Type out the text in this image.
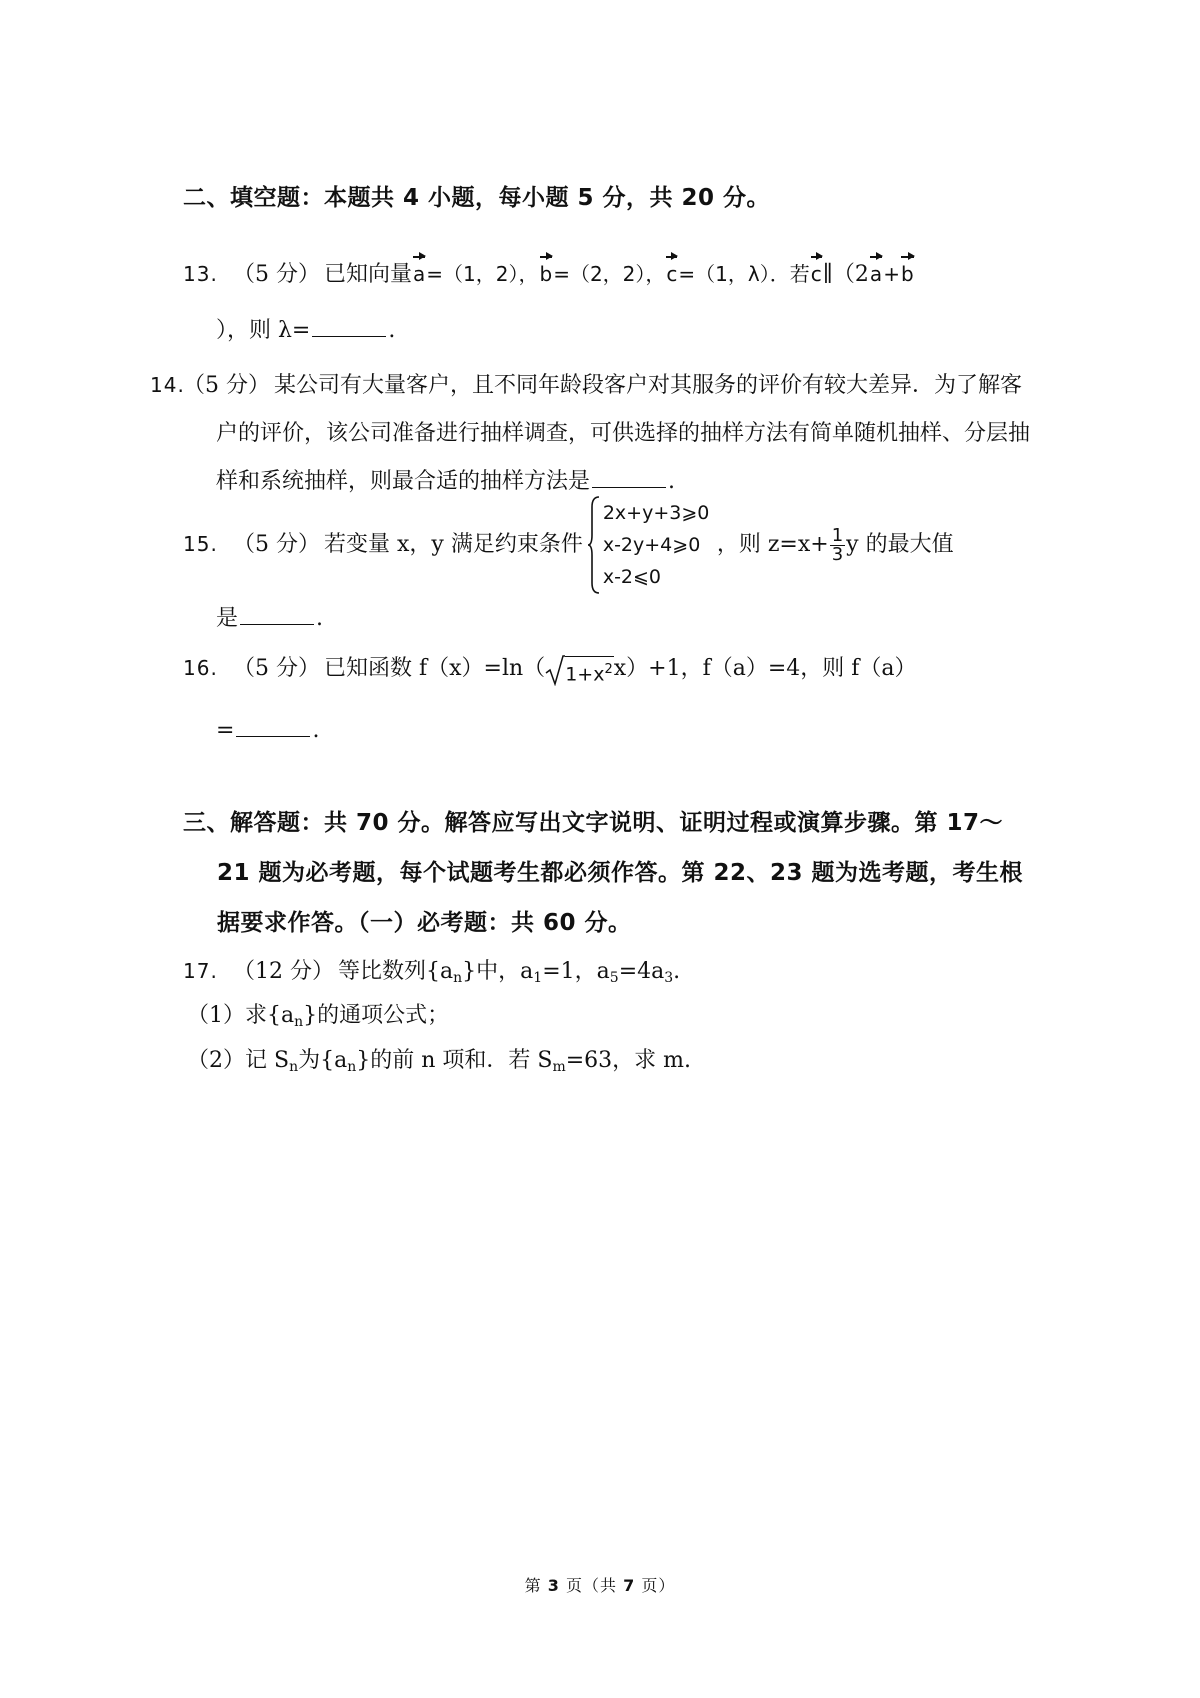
二、填空题：本题共 4 小题，每小题 5 分，共 20 分。
13. （5 分） 已知向量a=（1，2），b=（2，2），c=（1，λ）．若c∥（2a+b
），则 λ=	.
14.（5 分） 某公司有大量客户，且不同年龄段客户对其服务的评价有较大差异．为了解客户的评价，该公司准备进行抽样调查，可供选择的抽样方法有简单随机抽样、分层抽样和系统抽样，则最合适的抽样方法是	.
15. （5 分） 若变量 x，y 满足约束条件
2x+y+3⩾0
x-2y+4⩾0
x-2⩽0
，则 $z=x+ \frac{1}{3}$ y 的最大值
是	.
16. （5 分） 已知函数 f（x）=ln（ $1+x^2x)+1$，f（a）=4，则 f（a）
=	.
三、解答题：共 70 分。解答应写出文字说明、证明过程或演算步骤。第 17～
21 题为必考题，每个试题考生都必须作答。第 22、23 题为选考题，考生根
据要求作答。（一）必考题：共 60 分。
17. （12 分） 等比数列$\{a_n\}$中，$a_1=1$，$a_5=4a_3$.
（1）求$\{a_n\}$的通项公式；
（2）记 $S_n$为$\{a_n\}$的前 n 项和．若 $S_m=63$，求 m.
第 3 页（共 7 页）
